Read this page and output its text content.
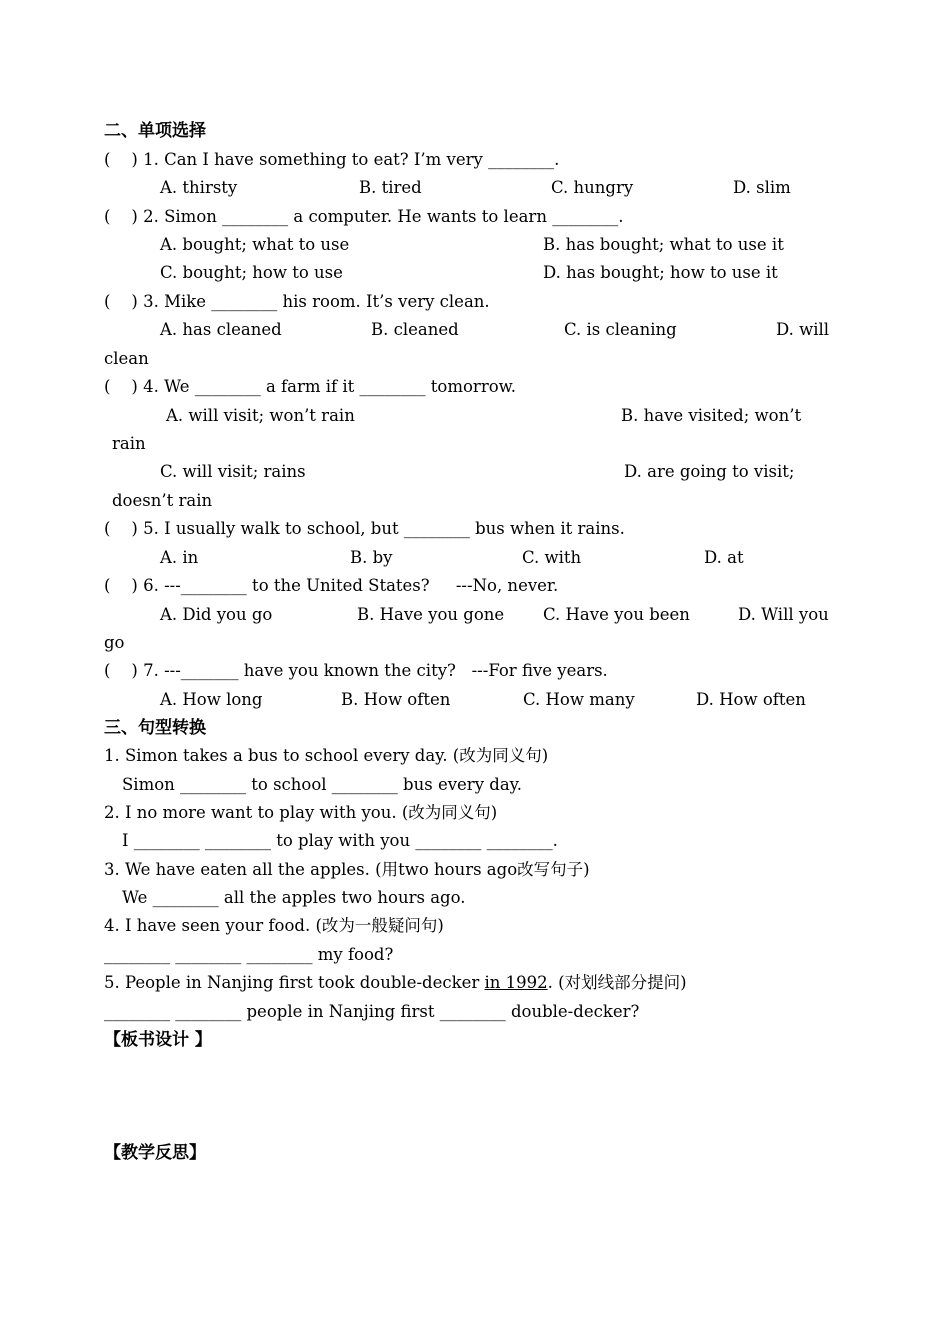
二、单项选择
(    ) 1. Can I have something to eat? I’m very ________.
A. thirsty	B. tired	C. hungry	D. slim
(    ) 2. Simon ________ a computer. He wants to learn ________.
A. bought; what to use	B. has bought; what to use it
C. bought; how to use	D. has bought; how to use it
(    ) 3. Mike ________ his room. It’s very clean.
A. has cleaned	B. cleaned	C. is cleaning	D. will
clean
(    ) 4. We ________ a farm if it ________ tomorrow.
A. will visit; won’t rain	B. have visited; won’t
rain
C. will visit; rains	D. are going to visit;
doesn’t rain
(    ) 5. I usually walk to school, but ________ bus when it rains.
A. in	B. by	C. with	D. at
(    ) 6. ---________ to the United States?     ---No, never.
A. Did you go	B. Have you gone C. Have you been	D. Will you
go
(    ) 7. ---_______ have you known the city?   ---For five years.
A. How long	B. How often	C. How many	D. How often
三、句型转换
1. Simon takes a bus to school every day. (改为同义句)
Simon ________ to school ________ bus every day.
2. I no more want to play with you. (改为同义句)
I ________ ________ to play with you ________ ________.
3. We have eaten all the apples. (用two hours ago改写句子)
We ________ all the apples two hours ago.
4. I have seen your food. (改为一般疑问句)
________ ________ ________ my food?
5. People in Nanjing first took double-decker in 1992. (对划线部分提问)
________ ________ people in Nanjing first ________ double-decker?
【板书设计 】
【教学反思】
